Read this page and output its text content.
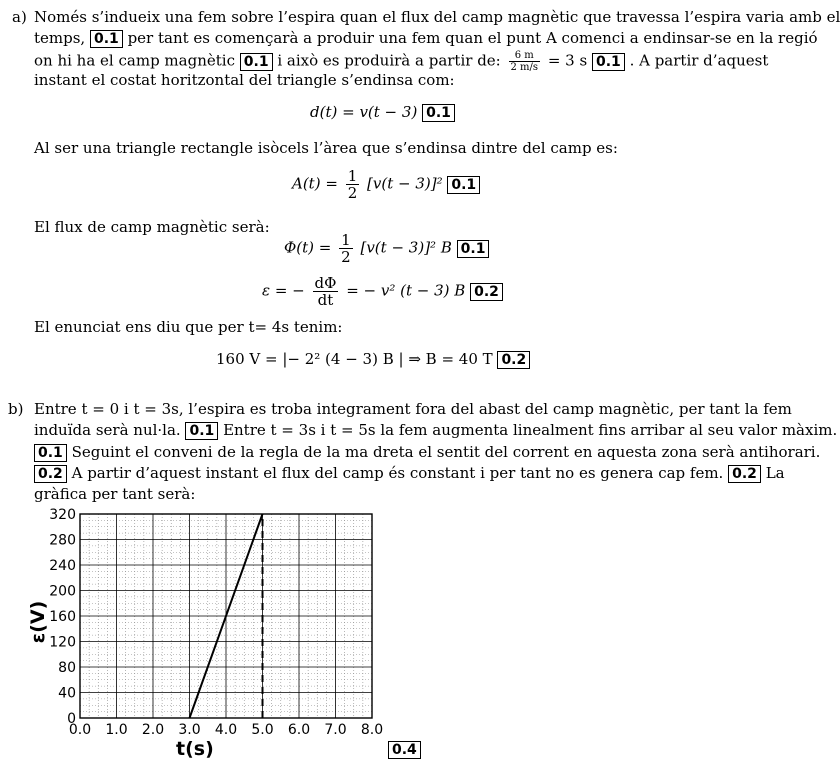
a) Només s’indueix una fem sobre l’espira quan el flux del camp magnètic que travessa l’espira varia amb el
temps, 0.1 per tant es començarà a produir una fem quan el punt A comenci a endinsar-se en la regió
on hi ha el camp magnètic 0.1 i això es produirà a partir de: $\frac{6 m}{2 m/s} = 3$ s 0.1 . A partir d’aquest
instant el costat horitzontal del triangle s’endinsa com:
d(t) = v(t − 3) 0.1
Al ser una triangle rectangle isòcels l’àrea que s’endinsa dintre del camp es:
$A(t) = \frac{1}{2} [v(t - 3)]^2$ 0.1
El flux de camp magnètic serà:
$\Phi(t) = \frac{1}{2} [v(t - 3)]^2$ B 0.1
ε = − $\frac{d\Phi}{dt}$ = − v² (t − 3) B 0.2
El enunciat ens diu que per t= 4s tenim:
160 V = |− 2² (4 − 3) B | ⇒ B = 40 T 0.2
b) Entre t = 0 i t = 3s, l’espira es troba integrament fora del abast del camp magnètic, per tant la fem
induïda serà nul·la. 0.1 Entre t = 3s i t = 5s la fem augmenta linealment fins arribar al seu valor màxim.
0.1 Seguint el conveni de la regla de la ma dreta el sentit del corrent en aquesta zona serà antihorari.
0.2 A partir d’aquest instant el flux del camp és constant i per tant no es genera cap fem. 0.2 La
gràfica per tant serà:
0.0 1.0 2.0 3.0 4.0 5.0 6.0 7.0 8.0
0
40
80
120
160
200
240
280
320
t(s)
ε(V)
0.4
